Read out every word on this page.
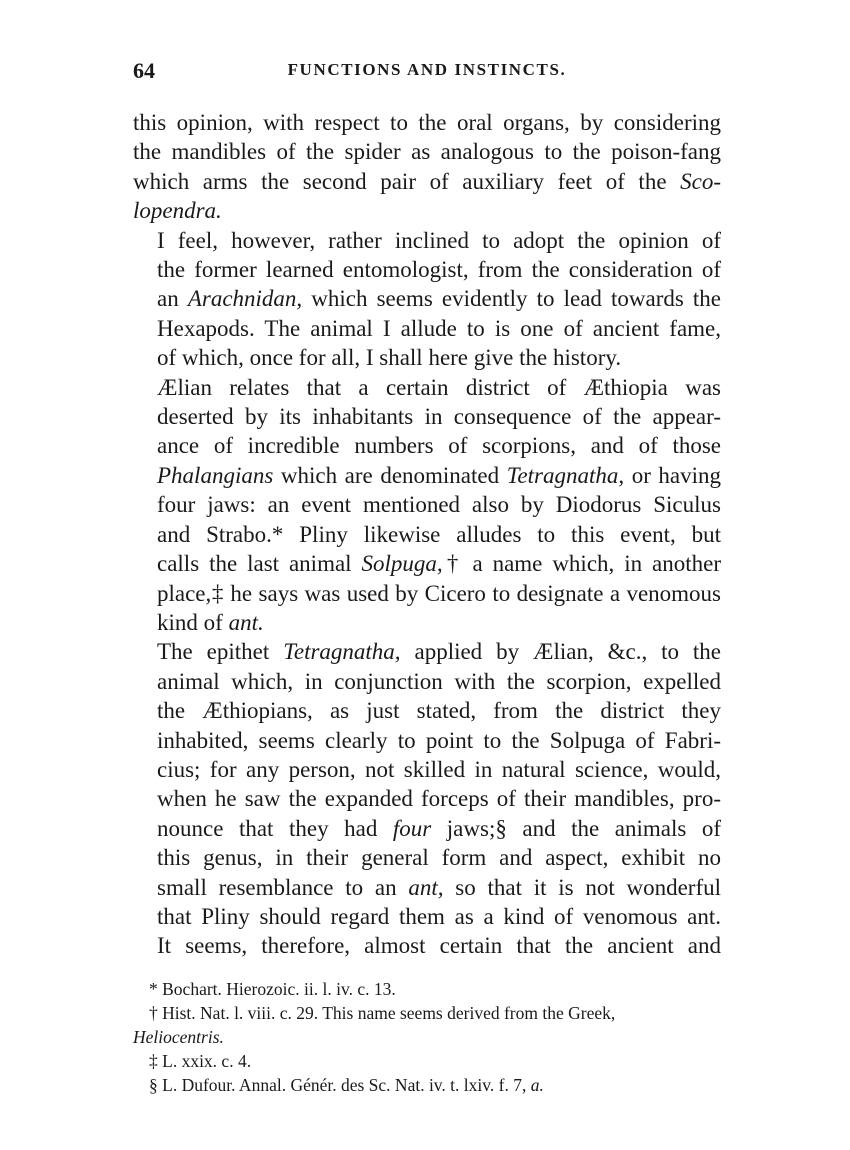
64	FUNCTIONS AND INSTINCTS.

this opinion, with respect to the oral organs, by considering
the mandibles of the spider as analogous to the poison-fang
which arms the second pair of auxiliary feet of the Sco-
lopendra.

I feel, however, rather inclined to adopt the opinion of
the former learned entomologist, from the consideration of
an Arachnidan, which seems evidently to lead towards the
Hexapods. The animal I allude to is one of ancient fame,
of which, once for all, I shall here give the history.

Ælian relates that a certain district of Æthiopia was
deserted by its inhabitants in consequence of the appear-
ance of incredible numbers of scorpions, and of those
Phalangians which are denominated Tetragnatha, or having
four jaws: an event mentioned also by Diodorus Siculus
and Strabo.* Pliny likewise alludes to this event, but
calls the last animal Solpuga,† a name which, in another
place,‡ he says was used by Cicero to designate a venomous
kind of ant.

The epithet Tetragnatha, applied by Ælian, &c., to the
animal which, in conjunction with the scorpion, expelled
the Æthiopians, as just stated, from the district they
inhabited, seems clearly to point to the Solpuga of Fabri-
cius; for any person, not skilled in natural science, would,
when he saw the expanded forceps of their mandibles, pro-
nounce that they had four jaws;§ and the animals of
this genus, in their general form and aspect, exhibit no
small resemblance to an ant, so that it is not wonderful
that Pliny should regard them as a kind of venomous ant.
It seems, therefore, almost certain that the ancient and

* Bochart. Hierozoic. ii. l. iv. c. 13.

† Hist. Nat. l. viii. c. 29. This name seems derived from the Greek,
Heliocentris.

‡ L. xxix. c. 4.

§ L. Dufour. Annal. Génér. des Sc. Nat. iv. t. lxiv. f. 7, a.
